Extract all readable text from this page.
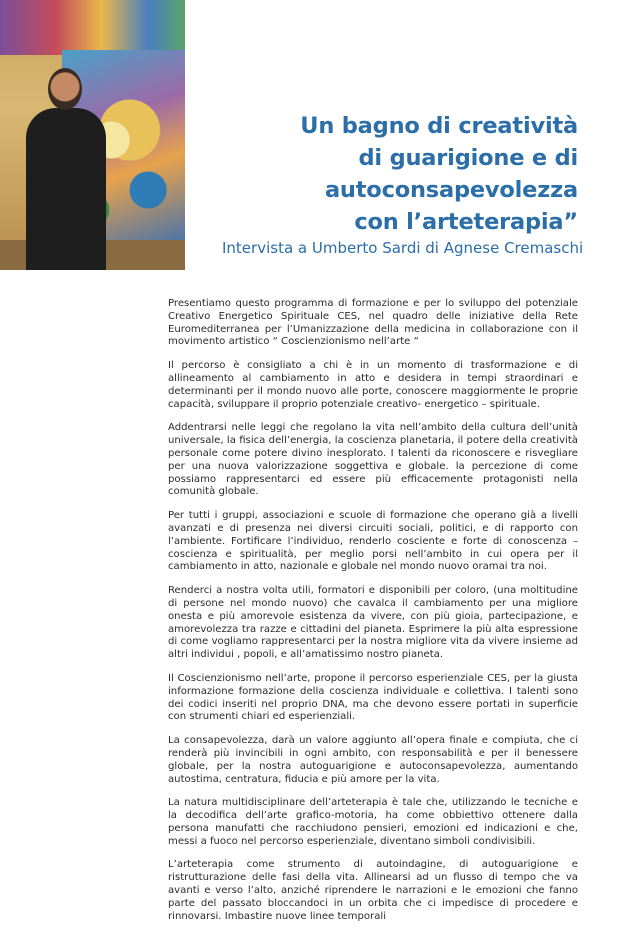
Un bagno di creatività
di guarigione e di
autoconsapevolezza
con l’arteterapia”
Intervista a Umberto Sardi di Agnese Cremaschi

Presentiamo questo programma di formazione e per lo sviluppo del potenziale Creativo Energetico Spirituale CES, nel quadro delle iniziative della Rete Euromediterranea per l’Umanizzazione della medicina in collaborazione con il movimento artistico “ Coscienzionismo nell’arte “

Il percorso è consigliato a chi è in un momento di trasformazione e di allineamento al cambiamento in atto e desidera in tempi straordinari e determinanti per il mondo nuovo alle porte, conoscere maggiormente le proprie capacità, sviluppare il proprio potenziale creativo- energetico – spirituale.

Addentrarsi nelle leggi che regolano la vita nell’ambito della cultura dell’unità universale, la fisica dell’energia, la coscienza planetaria, il potere della creatività personale come potere divino inesplorato. I talenti da riconoscere e risvegliare per una nuova valorizzazione soggettiva e globale. la percezione di come possiamo rappresentarci ed essere più efficacemente protagonisti nella comunità globale.

Per tutti i gruppi, associazioni e scuole di formazione che operano già a livelli avanzati e di presenza nei diversi circuiti sociali, politici, e di rapporto con l’ambiente. Fortificare l’individuo, renderlo cosciente e forte di conoscenza – coscienza e spiritualità, per meglio porsi nell’ambito in cui opera per il cambiamento in atto, nazionale e globale nel mondo nuovo oramai tra noi.

Renderci a nostra volta utili, formatori e disponibili per coloro, (una moltitudine di persone nel mondo nuovo) che cavalca il cambiamento per una migliore onesta e più amorevole esistenza da vivere, con più gioia, partecipazione, e amorevolezza tra razze e cittadini del pianeta. Esprimere la più alta espressione di come vogliamo rappresentarci per la nostra migliore vita da vivere insieme ad altri individui , popoli, e all’amatissimo nostro pianeta.

Il Coscienzionismo nell’arte, propone il percorso esperienziale CES, per la giusta informazione formazione della coscienza individuale e collettiva. I talenti sono dei codici inseriti nel proprio DNA, ma che devono essere portati in superficie con strumenti chiari ed esperienziali.

La consapevolezza, darà un valore aggiunto all’opera finale e compiuta, che ci renderà più invincibili in ogni ambito, con responsabilità e per il benessere globale, per la nostra autoguarigione e autoconsapevolezza, aumentando autostima, centratura, fiducia e più amore per la vita.

La natura multidisciplinare dell’arteterapia è tale che, utilizzando le tecniche e la decodifica dell’arte grafico-motoria, ha come obbiettivo ottenere dalla persona manufatti che racchiudono pensieri, emozioni ed indicazioni e che, messi a fuoco nel percorso esperienziale, diventano simboli condivisibili.

L’arteterapia come strumento di autoindagine, di autoguarigione e ristrutturazione delle fasi della vita. Allinearsi ad un flusso di tempo che va avanti e verso l’alto, anziché riprendere le narrazioni e le emozioni che fanno parte del passato bloccandoci in un orbita che ci impedisce di procedere e rinnovarsi. Imbastire nuove linee temporali
